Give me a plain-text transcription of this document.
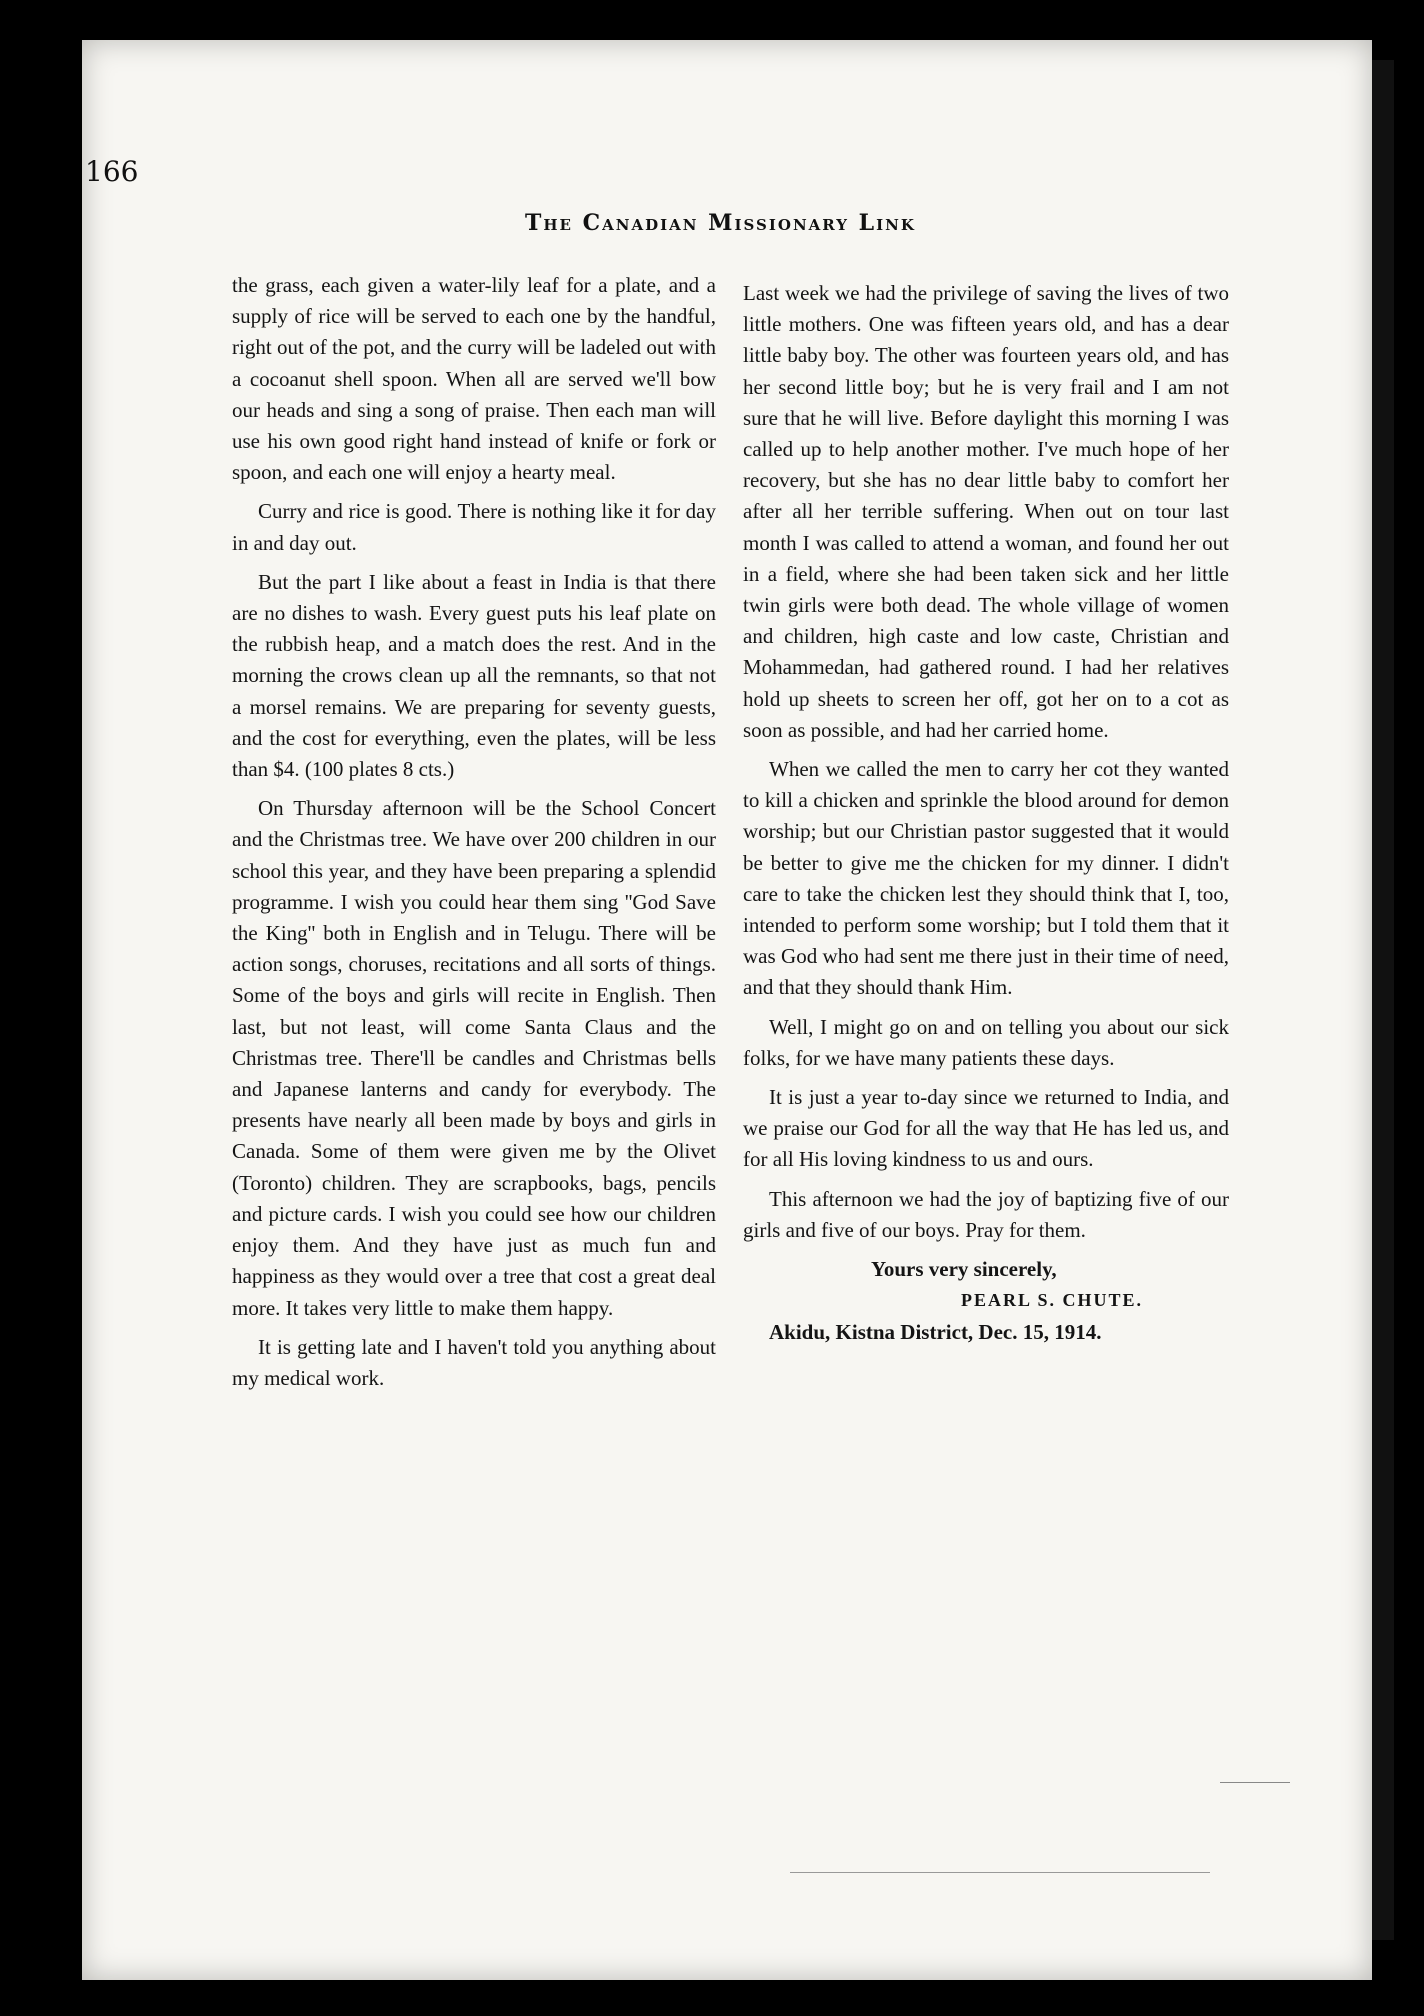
166
The Canadian Missionary Link

the grass, each given a water-lily leaf for a plate, and a supply of rice will be served to each one by the handful, right out of the pot, and the curry will be ladeled out with a cocoanut shell spoon. When all are served we'll bow our heads and sing a song of praise. Then each man will use his own good right hand instead of knife or fork or spoon, and each one will enjoy a hearty meal.

Curry and rice is good. There is nothing like it for day in and day out.

But the part I like about a feast in India is that there are no dishes to wash. Every guest puts his leaf plate on the rubbish heap, and a match does the rest. And in the morning the crows clean up all the remnants, so that not a morsel remains. We are preparing for seventy guests, and the cost for everything, even the plates, will be less than $4. (100 plates 8 cts.)

On Thursday afternoon will be the School Concert and the Christmas tree. We have over 200 children in our school this year, and they have been preparing a splendid programme. I wish you could hear them sing ''God Save the King'' both in English and in Telugu. There will be action songs, choruses, recitations and all sorts of things. Some of the boys and girls will recite in English. Then last, but not least, will come Santa Claus and the Christmas tree. There'll be candles and Christmas bells and Japanese lanterns and candy for everybody. The presents have nearly all been made by boys and girls in Canada. Some of them were given me by the Olivet (Toronto) children. They are scrapbooks, bags, pencils and picture cards. I wish you could see how our children enjoy them. And they have just as much fun and happiness as they would over a tree that cost a great deal more. It takes very little to make them happy.

It is getting late and I haven't told you anything about my medical work.

Last week we had the privilege of saving the lives of two little mothers. One was fifteen years old, and has a dear little baby boy. The other was fourteen years old, and has her second little boy; but he is very frail and I am not sure that he will live. Before daylight this morning I was called up to help another mother. I've much hope of her recovery, but she has no dear little baby to comfort her after all her terrible suffering. When out on tour last month I was called to attend a woman, and found her out in a field, where she had been taken sick and her little twin girls were both dead. The whole village of women and children, high caste and low caste, Christian and Mohammedan, had gathered round. I had her relatives hold up sheets to screen her off, got her on to a cot as soon as possible, and had her carried home.

When we called the men to carry her cot they wanted to kill a chicken and sprinkle the blood around for demon worship; but our Christian pastor suggested that it would be better to give me the chicken for my dinner. I didn't care to take the chicken lest they should think that I, too, intended to perform some worship; but I told them that it was God who had sent me there just in their time of need, and that they should thank Him.

Well, I might go on and on telling you about our sick folks, for we have many patients these days.

It is just a year to-day since we returned to India, and we praise our God for all the way that He has led us, and for all His loving kindness to us and ours.

This afternoon we had the joy of baptizing five of our girls and five of our boys. Pray for them.

Yours very sincerely,
PEARL S. CHUTE.
Akidu, Kistna District, Dec. 15, 1914.
